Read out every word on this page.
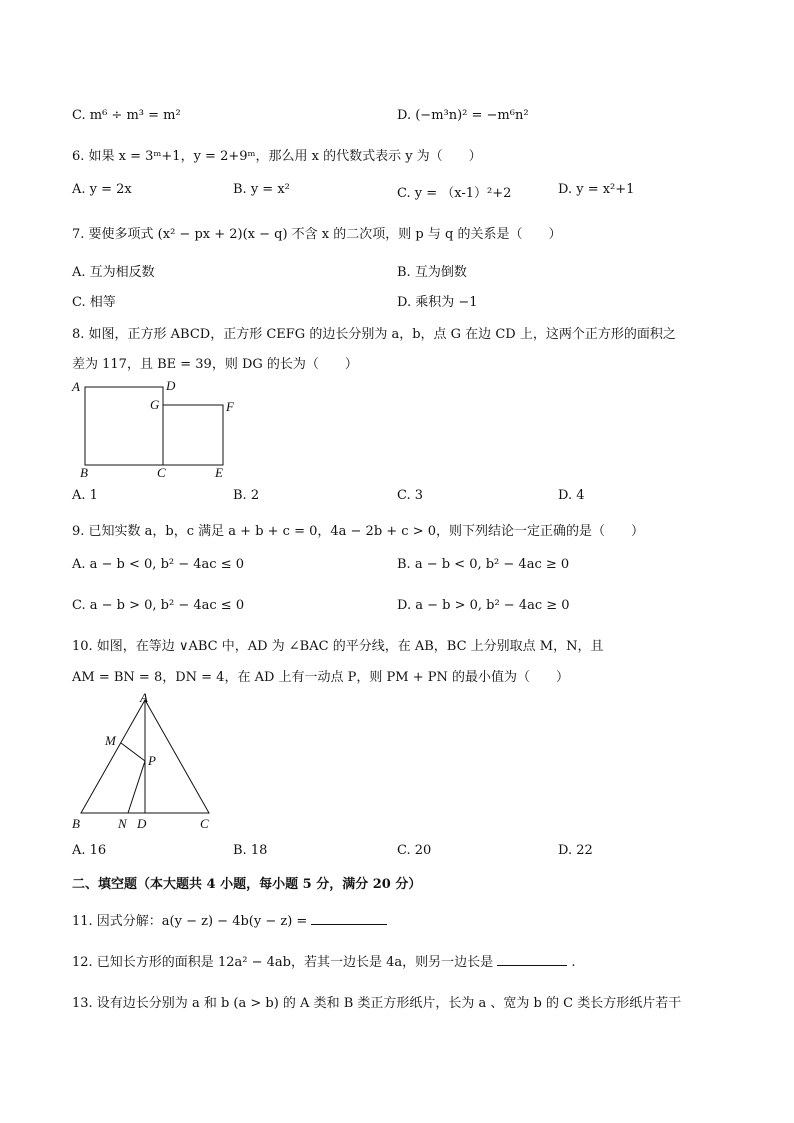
C. m⁶ ÷ m³ = m²	D. (−m³n)² = −m⁶n²
6. 如果 x = 3ᵐ+1，y = 2+9ᵐ，那么用 x 的代数式表示 y 为（　　）
A. y = 2x	B. y = x²	C. y = （x-1）²+2	D. y = x²+1
7. 要使多项式 (x² − px + 2)(x − q) 不含 x 的二次项，则 p 与 q 的关系是（　　）
A. 互为相反数	B. 互为倒数
C. 相等	D. 乘积为 −1
8. 如图，正方形 ABCD，正方形 CEFG 的边长分别为 a，b，点 G 在边 CD 上，这两个正方形的面积之
差为 117，且 BE = 39，则 DG 的长为（　　）
A	D
G	F
B	C	E
A. 1	B. 2	C. 3	D. 4
9. 已知实数 a，b，c 满足 a + b + c = 0，4a − 2b + c > 0，则下列结论一定正确的是（　　）
A. a − b < 0, b² − 4ac ≤ 0	B. a − b < 0, b² − 4ac ≥ 0
C. a − b > 0, b² − 4ac ≤ 0	D. a − b > 0, b² − 4ac ≥ 0
10. 如图，在等边 ∨ABC 中，AD 为 ∠BAC 的平分线，在 AB，BC 上分别取点 M，N，且
AM = BN = 8，DN = 4，在 AD 上有一动点 P，则 PM + PN 的最小值为（　　）
A
M
P
B	N D	C
A. 16	B. 18	C. 20	D. 22
二、填空题（本大题共 4 小题，每小题 5 分，满分 20 分）
11. 因式分解：a(y − z) − 4b(y − z) =
12. 已知长方形的面积是 12a² − 4ab，若其一边长是 4a，则另一边长是	.
13. 设有边长分别为 a 和 b (a > b) 的 A 类和 B 类正方形纸片，长为 a 、宽为 b 的 C 类长方形纸片若干
